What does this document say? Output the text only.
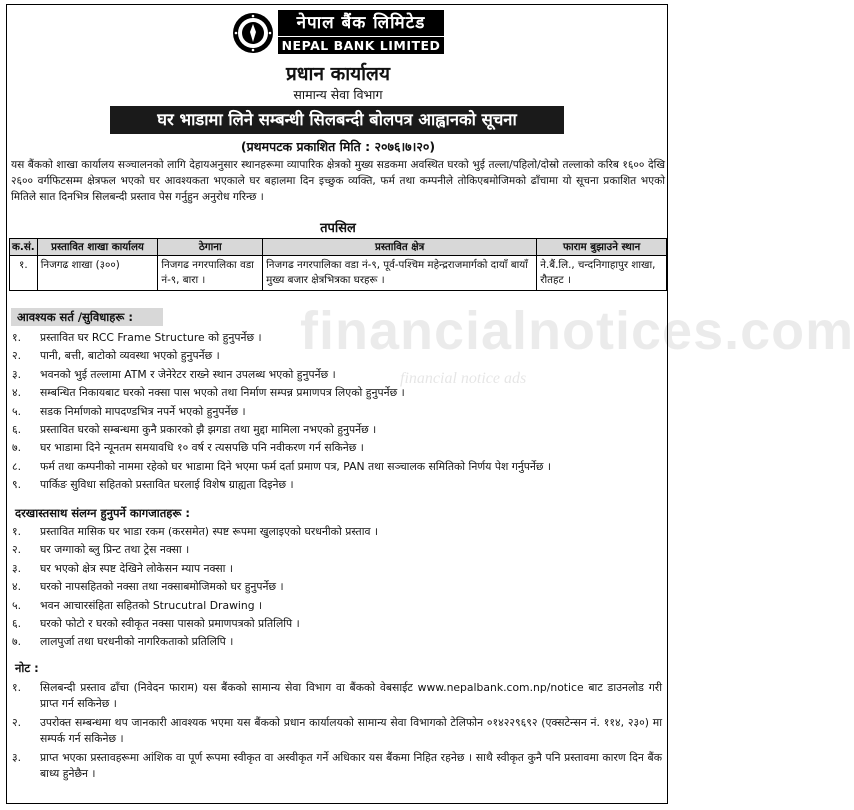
नेपाल बैंक लिमिटेड
NEPAL BANK LIMITED
प्रधान कार्यालय
सामान्य सेवा विभाग
घर भाडामा लिने सम्बन्धी सिलबन्दी बोलपत्र आह्वानको सूचना
(प्रथमपटक प्रकाशित मिति : २०७६।७।२०)
यस बैंकको शाखा कार्यालय सञ्चालनको लागि देहायअनुसार स्थानहरूमा व्यापारिक क्षेत्रको मुख्य सडकमा अवस्थित घरको भुई तल्ला/पहिलो/दोस्रो तल्लाको करिब १६०० देखि २६०० वर्गफिटसम्म क्षेत्रफल भएको घर आवश्यकता भएकाले घर बहालमा दिन इच्छुक व्यक्ति, फर्म तथा कम्पनीले तोकिएबमोजिमको ढाँचामा यो सूचना प्रकाशित भएको मितिले सात दिनभित्र सिलबन्दी प्रस्ताव पेस गर्नुहुन अनुरोध गरिन्छ ।
तपसिल
क.सं.	प्रस्तावित शाखा कार्यालय	ठेगाना	प्रस्तावित क्षेत्र	फाराम बुझाउने स्थान
१.	निजगढ शाखा (३००)	निजगढ नगरपालिका वडा नं-९, बारा ।	निजगढ नगरपालिका वडा नं-९, पूर्व-पश्चिम महेन्द्रराजमार्गको दायाँ बायाँ मुख्य बजार क्षेत्रभित्रका घरहरू ।	ने.बैं.लि., चन्दनिगाहापुर शाखा, रौतहट ।
आवश्यक सर्त /सुविधाहरू :
१.	प्रस्तावित घर RCC Frame Structure को हुनुपर्नेछ ।
२.	पानी, बत्ती, बाटोको व्यवस्था भएको हुनुपर्नेछ ।
३.	भवनको भुई तल्लामा ATM र जेनेरेटर राख्ने स्थान उपलब्ध भएको हुनुपर्नेछ ।
४.	सम्बन्धित निकायबाट घरको नक्सा पास भएको तथा निर्माण सम्पन्न प्रमाणपत्र लिएको हुनुपर्नेछ ।
५.	सडक निर्माणको मापदण्डभित्र नपर्ने भएको हुनुपर्नेछ ।
६.	प्रस्तावित घरको सम्बन्धमा कुनै प्रकारको झै झगडा तथा मुद्दा मामिला नभएको हुनुपर्नेछ ।
७.	घर भाडामा दिने न्यूनतम समयावधि १० वर्ष र त्यसपछि पनि नवीकरण गर्न सकिनेछ ।
८.	फर्म तथा कम्पनीको नाममा रहेको घर भाडामा दिने भएमा फर्म दर्ता प्रमाण पत्र, PAN तथा सञ्चालक समितिको निर्णय पेश गर्नुपर्नेछ ।
९.	पार्किङ सुविधा सहितको प्रस्तावित घरलाई विशेष ग्राह्यता दिइनेछ ।
दरखास्तसाथ संलग्न हुनुपर्ने कागजातहरू :
१.	प्रस्तावित मासिक घर भाडा रकम (करसमेत) स्पष्ट रूपमा खुलाइएको घरधनीको प्रस्ताव ।
२.	घर जग्गाको ब्लु प्रिन्ट तथा ट्रेस नक्सा ।
३.	घर भएको क्षेत्र स्पष्ट देखिने लोकेसन म्याप नक्सा ।
४.	घरको नापसहितको नक्सा तथा नक्साबमोजिमको घर हुनुपर्नेछ ।
५.	भवन आचारसंहिता सहितको Strucutral Drawing ।
६.	घरको फोटो र घरको स्वीकृत नक्सा पासको प्रमाणपत्रको प्रतिलिपि ।
७.	लालपुर्जा तथा घरधनीको नागरिकताको प्रतिलिपि ।
नोट :
१.	सिलबन्दी प्रस्ताव ढाँचा (निवेदन फाराम) यस बैंकको सामान्य सेवा विभाग वा बैंकको वेबसाईट www.nepalbank.com.np/notice बाट डाउनलोड गरी प्राप्त गर्न सकिनेछ ।
२.	उपरोक्त सम्बन्धमा थप जानकारी आवश्यक भएमा यस बैंकको प्रधान कार्यालयको सामान्य सेवा विभागको टेलिफोन ०१४२२९६९२ (एक्सटेन्सन नं. ११४, २३०) मा सम्पर्क गर्न सकिनेछ ।
३.	प्राप्त भएका प्रस्तावहरूमा आंशिक वा पूर्ण रूपमा स्वीकृत वा अस्वीकृत गर्ने अधिकार यस बैंकमा निहित रहनेछ । साथै स्वीकृत कुनै पनि प्रस्तावमा कारण दिन बैंक बाध्य हुनेछैन ।
financialnotices.com
financial notice ads
